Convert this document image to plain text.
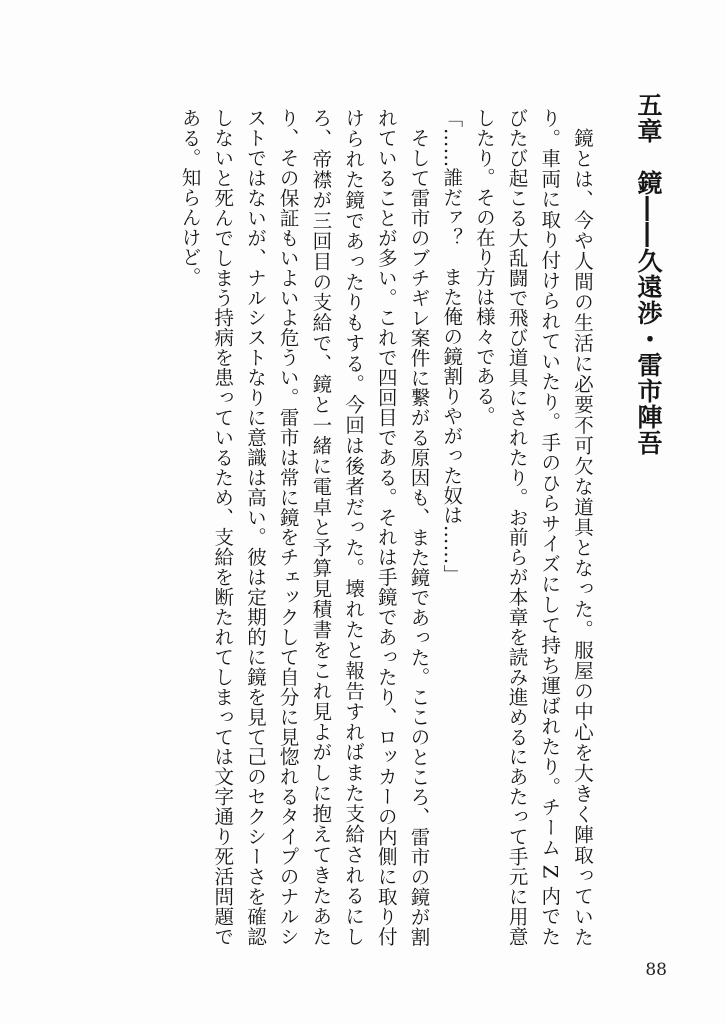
五章　鏡――久遠渉・雷市陣吾

鏡とは、今や人間の生活に必要不可欠な道具となった。服屋の中心を大きく陣取っていたり。車両に取り付けられていたり。手のひらサイズにして持ち運ばれたり。チーム Z 内でたびたび起こる大乱闘で飛び道具にされたり。お前らが本章を読み進めるにあたって手元に用意したり。その在り方は様々である。

「……誰だァ？　また俺の鏡割りやがった奴は……」

そして雷市のブチギレ案件に繋がる原因も、また鏡であった。ここのところ、雷市の鏡が割れていることが多い。これで四回目である。それは手鏡であったり、ロッカーの内側に取り付けられた鏡であったりもする。今回は後者だった。壊れたと報告すればまた支給されるにしろ、帝襟が三回目の支給で、鏡と一緒に電卓と予算見積書をこれ見よがしに抱えてきたあたり、その保証もいよいよ危うい。雷市は常に鏡をチェックして自分に見惚れるタイプのナルシストではないが、ナルシストなりに意識は高い。彼は定期的に鏡を見て己のセクシーさを確認しないと死んでしまう持病を患っているため、支給を断たれてしまっては文字通り死活問題である。知らんけど。

88
